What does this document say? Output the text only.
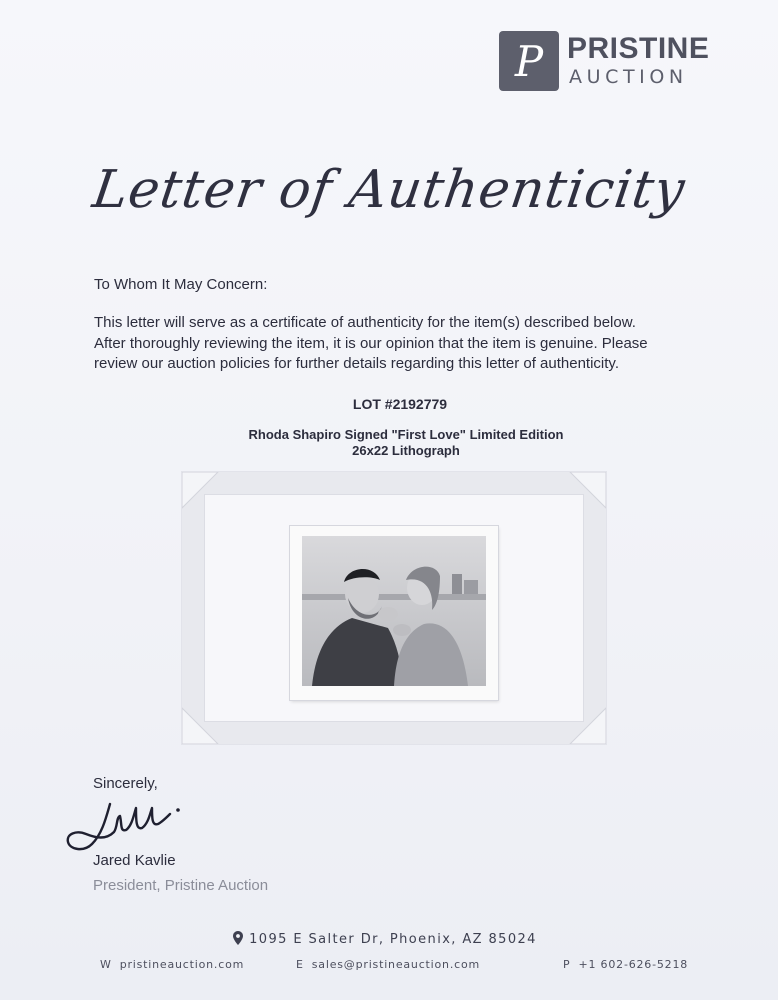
P PRISTINE
AUCTION
Letter of Authenticity
To Whom It May Concern:
This letter will serve as a certificate of authenticity for the item(s) described below.
After thoroughly reviewing the item, it is our opinion that the item is genuine. Please
review our auction policies for further details regarding this letter of authenticity.
LOT #2192779
Rhoda Shapiro Signed "First Love" Limited Edition
26x22 Lithograph
Sincerely,
Jared Kavlie
President, Pristine Auction
1095 E Salter Dr, Phoenix, AZ 85024
W pristineauction.com	E sales@pristineauction.com	P +1 602-626-5218
